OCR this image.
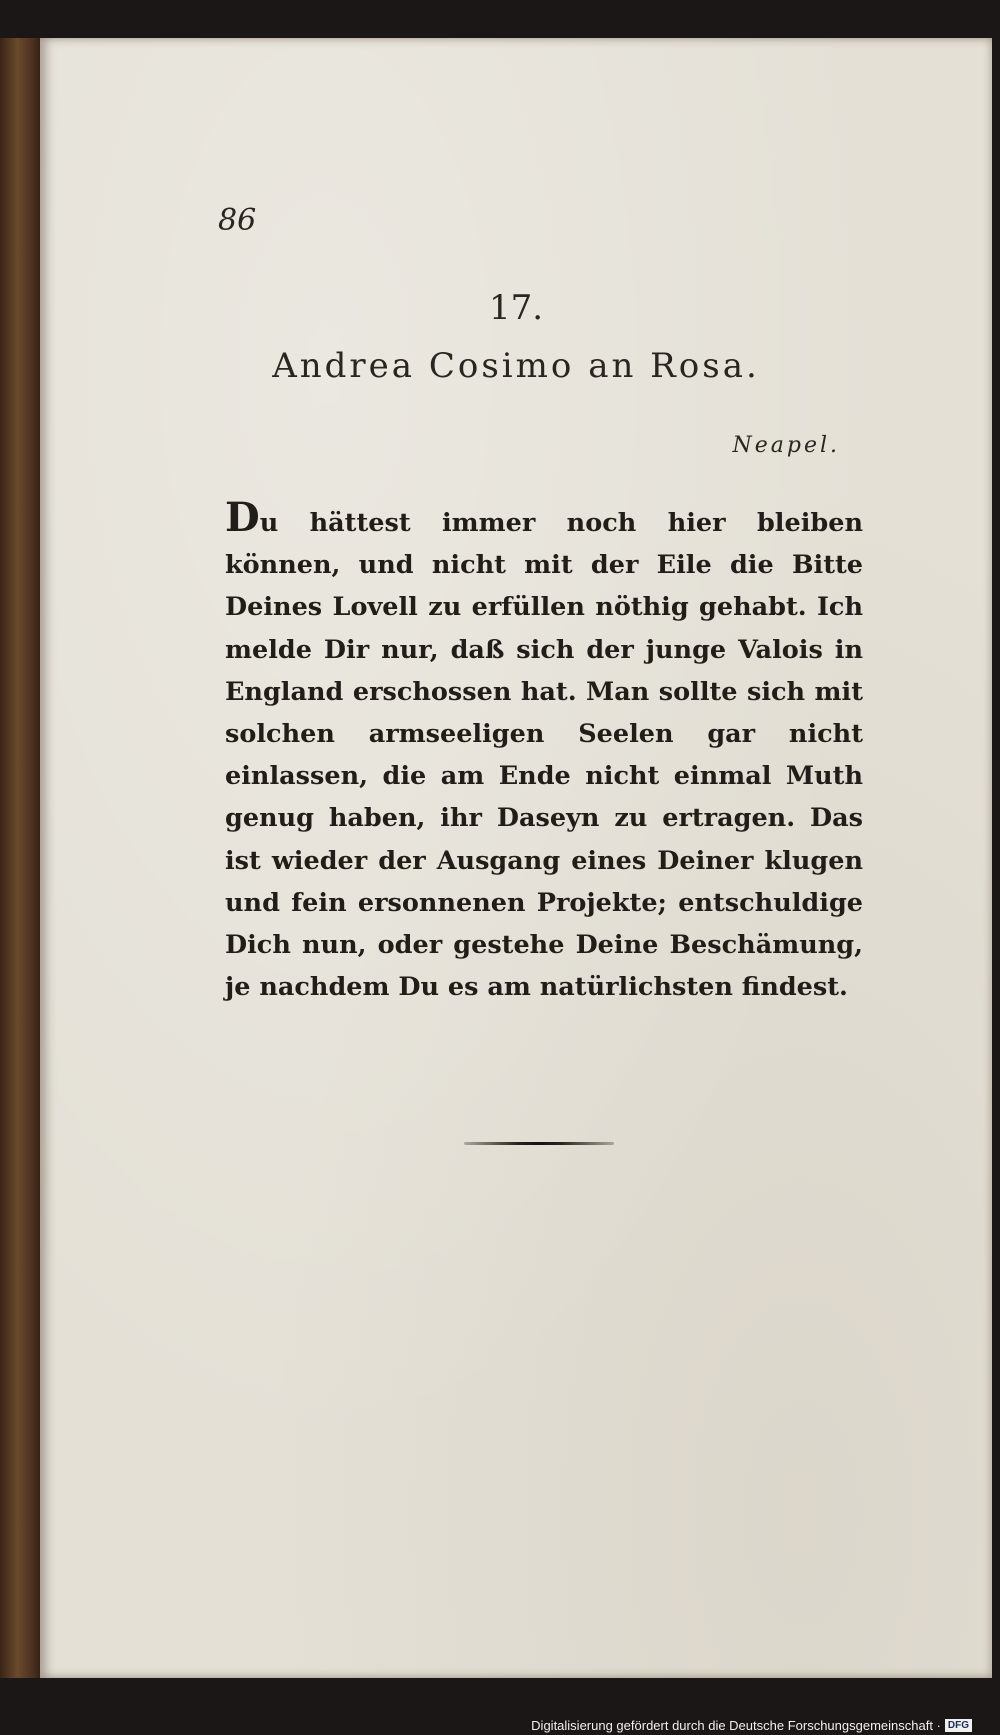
86
17.
Andrea Cosimo an Rosa.
Neapel.
Du hättest immer noch hier bleiben können, und nicht mit der Eile die Bitte Deines Lovell zu erfüllen nöthig gehabt. Ich melde Dir nur, daß sich der junge Valois in England erschossen hat. Man sollte sich mit solchen armseeligen Seelen gar nicht einlassen, die am Ende nicht einmal Muth genug haben, ihr Daseyn zu ertragen. Das ist wieder der Ausgang eines Deiner klugen und fein ersonnenen Projekte; entschuldige Dich nun, oder gestehe Deine Beschämung, je nachdem Du es am natürlichsten findest.
Digitalisierung gefördert durch die Deutsche Forschungsgemeinschaft · DFG
